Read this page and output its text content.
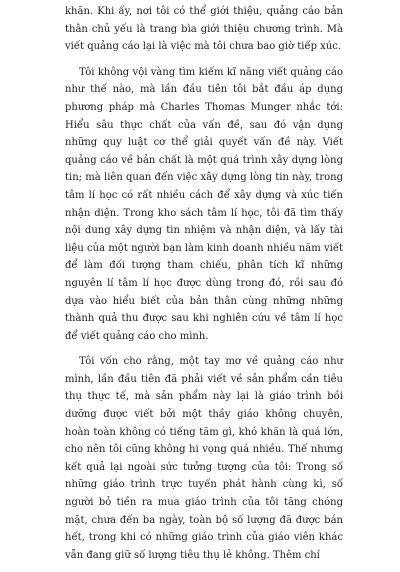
khăn. Khi ấy, nơi tôi có thể giới thiệu, quảng cáo bản thân chủ yếu là trang bìa giới thiệu chương trình. Mà viết quảng cáo lại là việc mà tôi chưa bao giờ tiếp xúc.

Tôi không vội vàng tìm kiếm kĩ năng viết quảng cáo như thế nào, mà lần đầu tiên tôi bắt đầu áp dụng phương pháp mà Charles Thomas Munger nhắc tới: Hiểu sâu thực chất của vấn đề, sau đó vận dụng những quy luật cơ thể giải quyết vấn đề này. Viết quảng cáo về bản chất là một quá trình xây dựng lòng tin; mà liên quan đến việc xây dựng lòng tin này, trong tâm lí học có rất nhiều cách để xây dựng và xúc tiến nhận diện. Trong kho sách tâm lí học, tôi đã tìm thấy nội dung xây dựng tin nhiệm và nhận diện, và lấy tài liệu của một người bạn làm kinh doanh nhiều năm viết để làm đối tượng tham chiếu, phân tích kĩ những nguyên lí tâm lí học được dùng trong đó, rồi sau đó dựa vào hiểu biết của bản thân cùng những những thành quả thu được sau khi nghiên cứu về tâm lí học để viết quảng cáo cho mình.

Tôi vốn cho rằng, một tay mơ về quảng cáo như mình, lần đầu tiên đã phải viết về sản phẩm cần tiêu thụ thực tế, mà sản phẩm này lại là giáo trình bồi dưỡng được viết bởi một thầy giáo không chuyên, hoàn toàn không có tiếng tăm gì, khó khăn là quá lớn, cho nên tôi cũng không hi vọng quá nhiều. Thế nhưng kết quả lại ngoài sức tưởng tượng của tôi: Trong số những giáo trình trực tuyến phát hành cùng kì, số người bỏ tiền ra mua giáo trình của tôi tăng chóng mặt, chưa đến ba ngày, toàn bộ số lượng đã được bán hết, trong khi có những giáo trình của giáo viên khác vẫn đang giữ số lượng tiêu thụ lẻ không. Thêm chí
